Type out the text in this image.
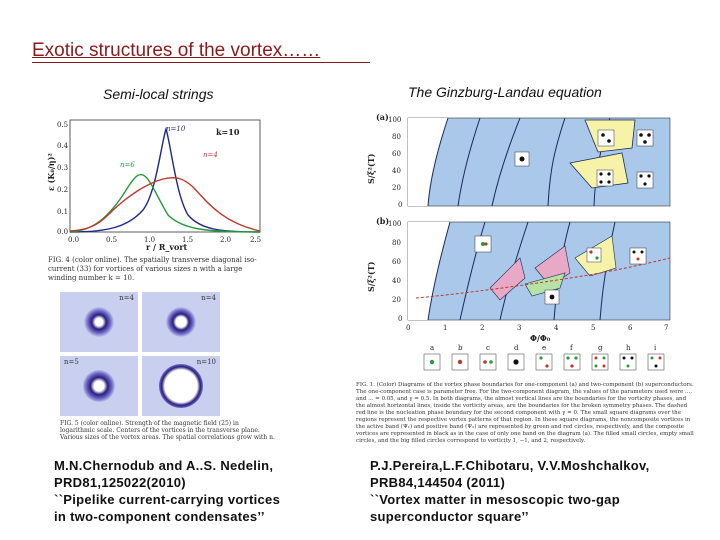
Exotic structures of the vortex……
Semi-local strings
0.5
0.4
0.3
0.2
0.1
0.0
0.0	0.5	1.0	1.5	2.0	2.5
ε (K₀/η)²
n=10
n=6
n=4
k=10
r / R_vort
FIG. 4 (color online). The spatially transverse diagonal iso-current (33) for vortices of various sizes n with a large winding number k = 10.
n=4	n=4
n=5	n=10
FIG. 5 (color online). Strength of the magnetic field (25) in logarithmic scale. Centers of the vortices in the transverse plane. Various sizes of the vortex areas. The spatial correlations grow with n.
M.N.Chernodub and A..S. Nedelin,
PRD81,125022(2010)
``Pipelike current-carrying vortices
in two-component condensates’’
The Ginzburg-Landau equation
(a)
(b)
100
80
60
40
20
0
100
80
60
40
20
0
S/ξ²(T)
S/ξ²(T)
0	1	2	3	4	5	6	7
Φ/Φ₀
a	b	c	d	e	f	g	h	i
FIG. 1. (Color) Diagrams of the vortex phase boundaries for one-component (a) and two-component (b) superconductors. The one-component case is parameter free. For the two-component diagram, the values of the parameters used were ..., and ... = 0.05, and γ = 0.5. In both diagrams, the almost vertical lines are the boundaries for the vorticity phases, and the almost horizontal lines, inside the vorticity areas, are the boundaries for the broken symmetry phases. The dashed red line is the nucleation phase boundary for the second component with γ = 0. The small square diagrams over the regions represent the respective vortex patterns of that region. In these square diagrams, the noncomposite vortices in the active band (Ψ₁) and positive band (Ψ₂) are represented by green and red circles, respectively, and the composite vortices are represented in black as in the case of only one band on the diagram (a). The filled small circles, empty small circles, and the big filled circles correspond to vorticity 1, −1, and 2, respectively.
P.J.Pereira,L.F.Chibotaru, V.V.Moshchalkov,
PRB84,144504 (2011)
``Vortex matter in mesoscopic two-gap
superconductor square’’
